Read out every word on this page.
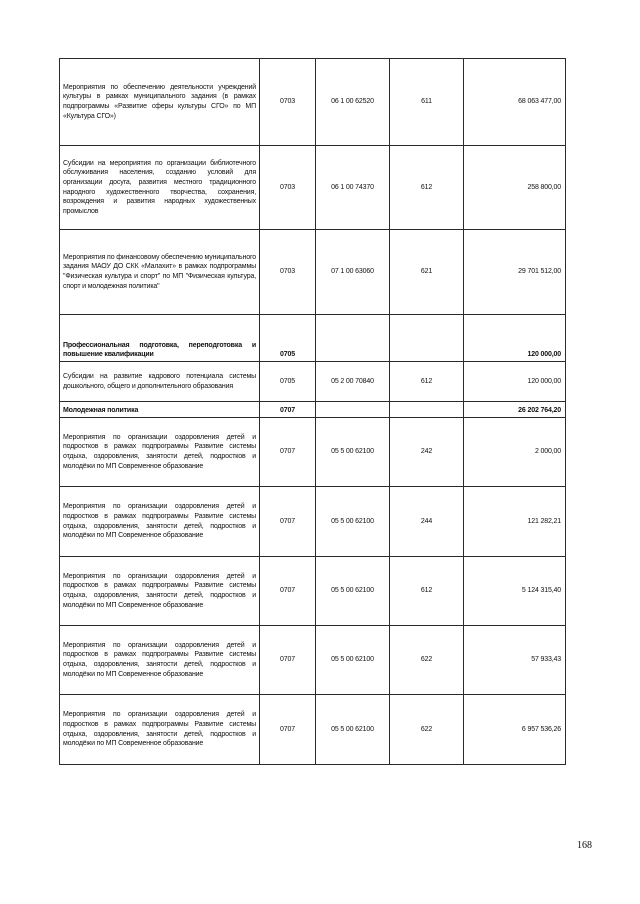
Мероприятия по обеспечению деятельности учреждений культуры в рамках муниципального задания (в рамках подпрограммы «Развитие сферы культуры СГО» по МП «Культура СГО»)	0703	06 1 00 62520	611	68 063 477,00
Субсидии на мероприятия по организации библиотечного обслуживания населения, созданию условий для организации досуга, развития местного традиционного народного художественного творчества, сохранения, возрождения и развития народных художественных промыслов	0703	06 1 00 74370	612	258 800,00
Мероприятия по финансовому обеспечению муниципального задания МАОУ ДО СКК «Малахит» в рамках подпрограммы "Физическая культура и спорт" по МП "Физическая культура, спорт и молодежная политика"	0703	07 1 00 63060	621	29 701 512,00
Профессиональная подготовка, переподготовка и повышение квалификации	0705			120 000,00
Субсидии на развитие кадрового потенциала системы дошкольного, общего и дополнительного образования	0705	05 2 00 70840	612	120 000,00
Молодежная политика	0707			26 202 764,20
Мероприятия по организации оздоровления детей и подростков в рамках подпрограммы Развитие системы отдыха, оздоровления, занятости детей, подростков и молодёжи по МП Современное образование	0707	05 5 00 62100	242	2 000,00
Мероприятия по организации оздоровления детей и подростков в рамках подпрограммы Развитие системы отдыха, оздоровления, занятости детей, подростков и молодёжи по МП Современное образование	0707	05 5 00 62100	244	121 282,21
Мероприятия по организации оздоровления детей и подростков в рамках подпрограммы Развитие системы отдыха, оздоровления, занятости детей, подростков и молодёжи по МП Современное образование	0707	05 5 00 62100	612	5 124 315,40
Мероприятия по организации оздоровления детей и подростков в рамках подпрограммы Развитие системы отдыха, оздоровления, занятости детей, подростков и молодёжи по МП Современное образование	0707	05 5 00 62100	622	57 933,43
Мероприятия по организации оздоровления детей и подростков в рамках подпрограммы Развитие системы отдыха, оздоровления, занятости детей, подростков и молодёжи по МП Современное образование	0707	05 5 00 62100	622	6 957 536,26
168
